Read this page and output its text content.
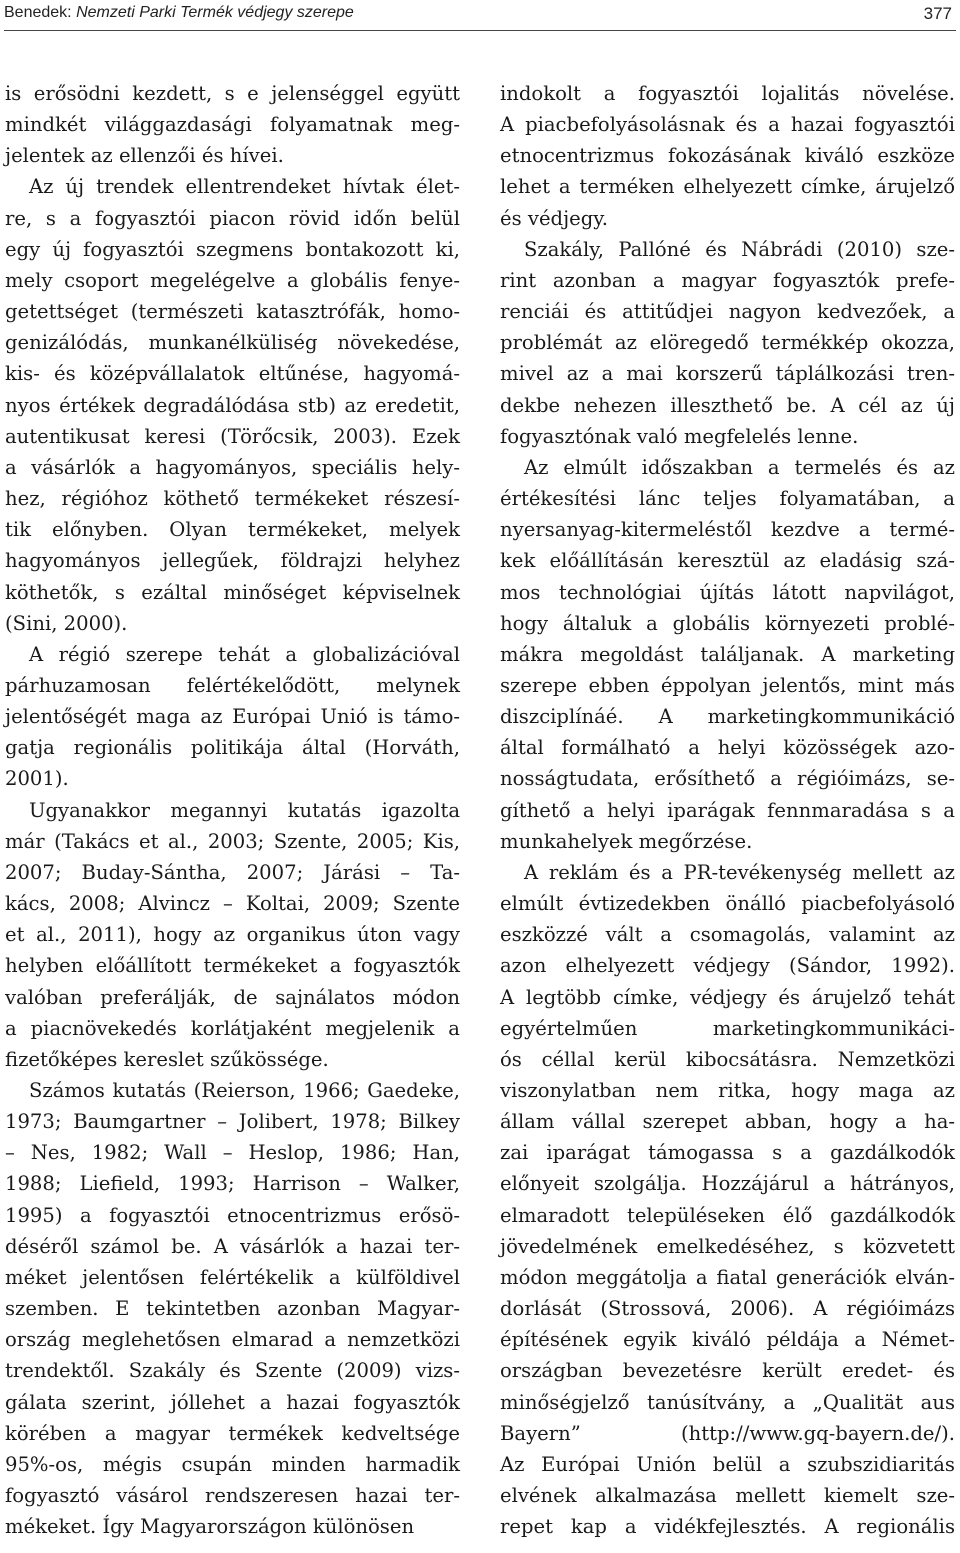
Benedek: Nemzeti Parki Termék védjegy szerepe	377
is erősödni kezdett, s e jelenséggel együtt
mindkét világgazdasági folyamatnak meg-
jelentek az ellenzői és hívei.
Az új trendek ellentrendeket hívtak élet-
re, s a fogyasztói piacon rövid időn belül
egy új fogyasztói szegmens bontakozott ki,
mely csoport megelégelve a globális fenye-
getettséget (természeti katasztrófák, homo-
genizálódás, munkanélküliség növekedése,
kis- és középvállalatok eltűnése, hagyomá-
nyos értékek degradálódása stb) az eredetit,
autentikusat keresi (Törőcsik, 2003). Ezek
a vásárlók a hagyományos, speciális hely-
hez, régióhoz köthető termékeket részesí-
tik előnyben. Olyan termékeket, melyek
hagyományos jellegűek, földrajzi helyhez
köthetők, s ezáltal minőséget képviselnek
(Sini, 2000).
A régió szerepe tehát a globalizációval
párhuzamosan felértékelődött, melynek
jelentőségét maga az Európai Unió is támo-
gatja regionális politikája által (Horváth,
2001).
Ugyanakkor megannyi kutatás igazolta
már (Takács et al., 2003; Szente, 2005; Kis,
2007; Buday-Sántha, 2007; Járási – Ta-
kács, 2008; Alvincz – Koltai, 2009; Szente
et al., 2011), hogy az organikus úton vagy
helyben előállított termékeket a fogyasztók
valóban preferálják, de sajnálatos módon
a piacnövekedés korlátjaként megjelenik a
fizetőképes kereslet szűkössége.
Számos kutatás (Reierson, 1966; Gaedeke,
1973; Baumgartner – Jolibert, 1978; Bilkey
– Nes, 1982; Wall – Heslop, 1986; Han,
1988; Liefield, 1993; Harrison – Walker,
1995) a fogyasztói etnocentrizmus erősö-
déséről számol be. A vásárlók a hazai ter-
méket jelentősen felértékelik a külföldivel
szemben. E tekintetben azonban Magyar-
ország meglehetősen elmarad a nemzetközi
trendektől. Szakály és Szente (2009) vizs-
gálata szerint, jóllehet a hazai fogyasztók
körében a magyar termékek kedveltsége
95%-os, mégis csupán minden harmadik
fogyasztó vásárol rendszeresen hazai ter-
mékeket. Így Magyarországon különösen
indokolt a fogyasztói lojalitás növelése.
A piacbefolyásolásnak és a hazai fogyasztói
etnocentrizmus fokozásának kiváló eszköze
lehet a terméken elhelyezett címke, árujelző
és védjegy.
Szakály, Pallóné és Nábrádi (2010) sze-
rint azonban a magyar fogyasztók prefe-
renciái és attitűdjei nagyon kedvezőek, a
problémát az elöregedő termékkép okozza,
mivel az a mai korszerű táplálkozási tren-
dekbe nehezen illeszthető be. A cél az új
fogyasztónak való megfelelés lenne.
Az elmúlt időszakban a termelés és az
értékesítési lánc teljes folyamatában, a
nyersanyag-kitermeléstől kezdve a termé-
kek előállításán keresztül az eladásig szá-
mos technológiai újítás látott napvilágot,
hogy általuk a globális környezeti problé-
mákra megoldást találjanak. A marketing
szerepe ebben éppolyan jelentős, mint más
diszciplínáé. A marketingkommunikáció
által formálható a helyi közösségek azo-
nosságtudata, erősíthető a régióimázs, se-
gíthető a helyi iparágak fennmaradása s a
munkahelyek megőrzése.
A reklám és a PR-tevékenység mellett az
elmúlt évtizedekben önálló piacbefolyásoló
eszközzé vált a csomagolás, valamint az
azon elhelyezett védjegy (Sándor, 1992).
A legtöbb címke, védjegy és árujelző tehát
egyértelműen marketingkommunikáci-
ós céllal kerül kibocsátásra. Nemzetközi
viszonylatban nem ritka, hogy maga az
állam vállal szerepet abban, hogy a ha-
zai iparágat támogassa s a gazdálkodók
előnyeit szolgálja. Hozzájárul a hátrányos,
elmaradott településeken élő gazdálkodók
jövedelmének emelkedéséhez, s közvetett
módon meggátolja a fiatal generációk elván-
dorlását (Strossová, 2006). A régióimázs
építésének egyik kiváló példája a Német-
országban bevezetésre került eredet- és
minőségjelző tanúsítvány, a „Qualität aus
Bayern” (http://www.gq-bayern.de/).
Az Európai Unión belül a szubszidiaritás
elvének alkalmazása mellett kiemelt sze-
repet kap a vidékfejlesztés. A regionális
